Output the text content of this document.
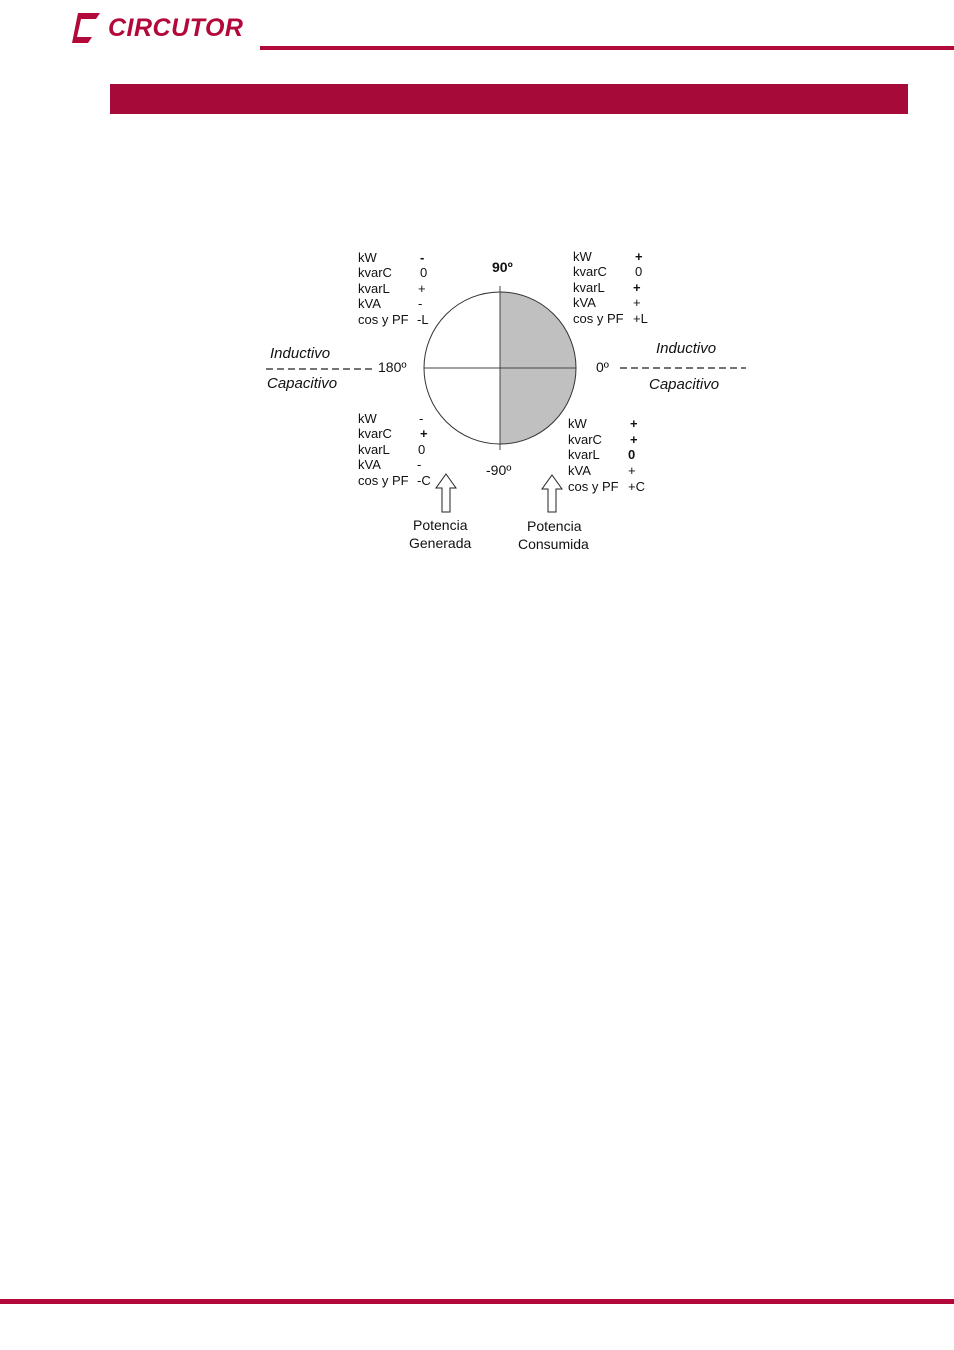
CIRCUTOR
90º
-90º
180º	0º
Inductivo
Capacitivo
Inductivo
Capacitivo
kW	-
kvarC 0
kvarL +
kVA	-
cos y PF -L
kW	+
kvarC 0
kvarL +
kVA	+
cos y PF +L
kW	-
kvarC +
kvarL 0
kVA	-
cos y PF -C
kW	+
kvarC +
kvarL 0
kVA	+
cos y PF +C
Potencia
Generada
Potencia
Consumida
